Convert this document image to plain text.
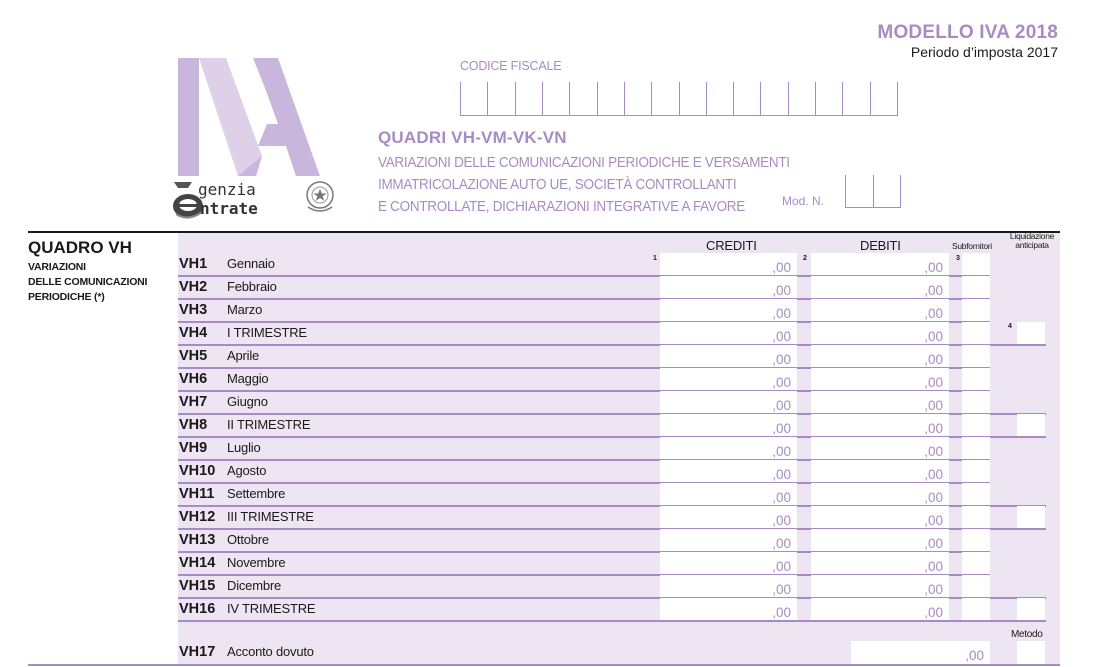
MODELLO IVA 2018
Periodo d’imposta 2017
genzia
ntrate
CODICE FISCALE
QUADRI VH-VM-VK-VN
VARIAZIONI DELLE COMUNICAZIONI PERIODICHE E VERSAMENTI
IMMATRICOLAZIONE AUTO UE, SOCIETÀ CONTROLLANTI
E CONTROLLATE, DICHIARAZIONI INTEGRATIVE A FAVORE	Mod. N.
QUADRO VH
VARIAZIONI
DELLE COMUNICAZIONI
PERIODICHE (*)
CREDITI	DEBITI	Subfornitori
Liquidazione
anticipata
1	2	3
4
VH1 Gennaio	,00	,00
VH2 Febbraio	,00	,00
VH3 Marzo	,00	,00
VH4 I TRIMESTRE	,00	,00
VH5 Aprile	,00	,00
VH6 Maggio	,00	,00
VH7 Giugno	,00	,00
VH8 II TRIMESTRE	,00	,00
VH9 Luglio	,00	,00
VH10 Agosto	,00	,00
VH11 Settembre	,00	,00
VH12 III TRIMESTRE	,00	,00
VH13 Ottobre	,00	,00
VH14 Novembre	,00	,00
VH15 Dicembre	,00	,00
VH16 IV TRIMESTRE	,00	,00
VH17 Acconto dovuto	,00
Metodo
